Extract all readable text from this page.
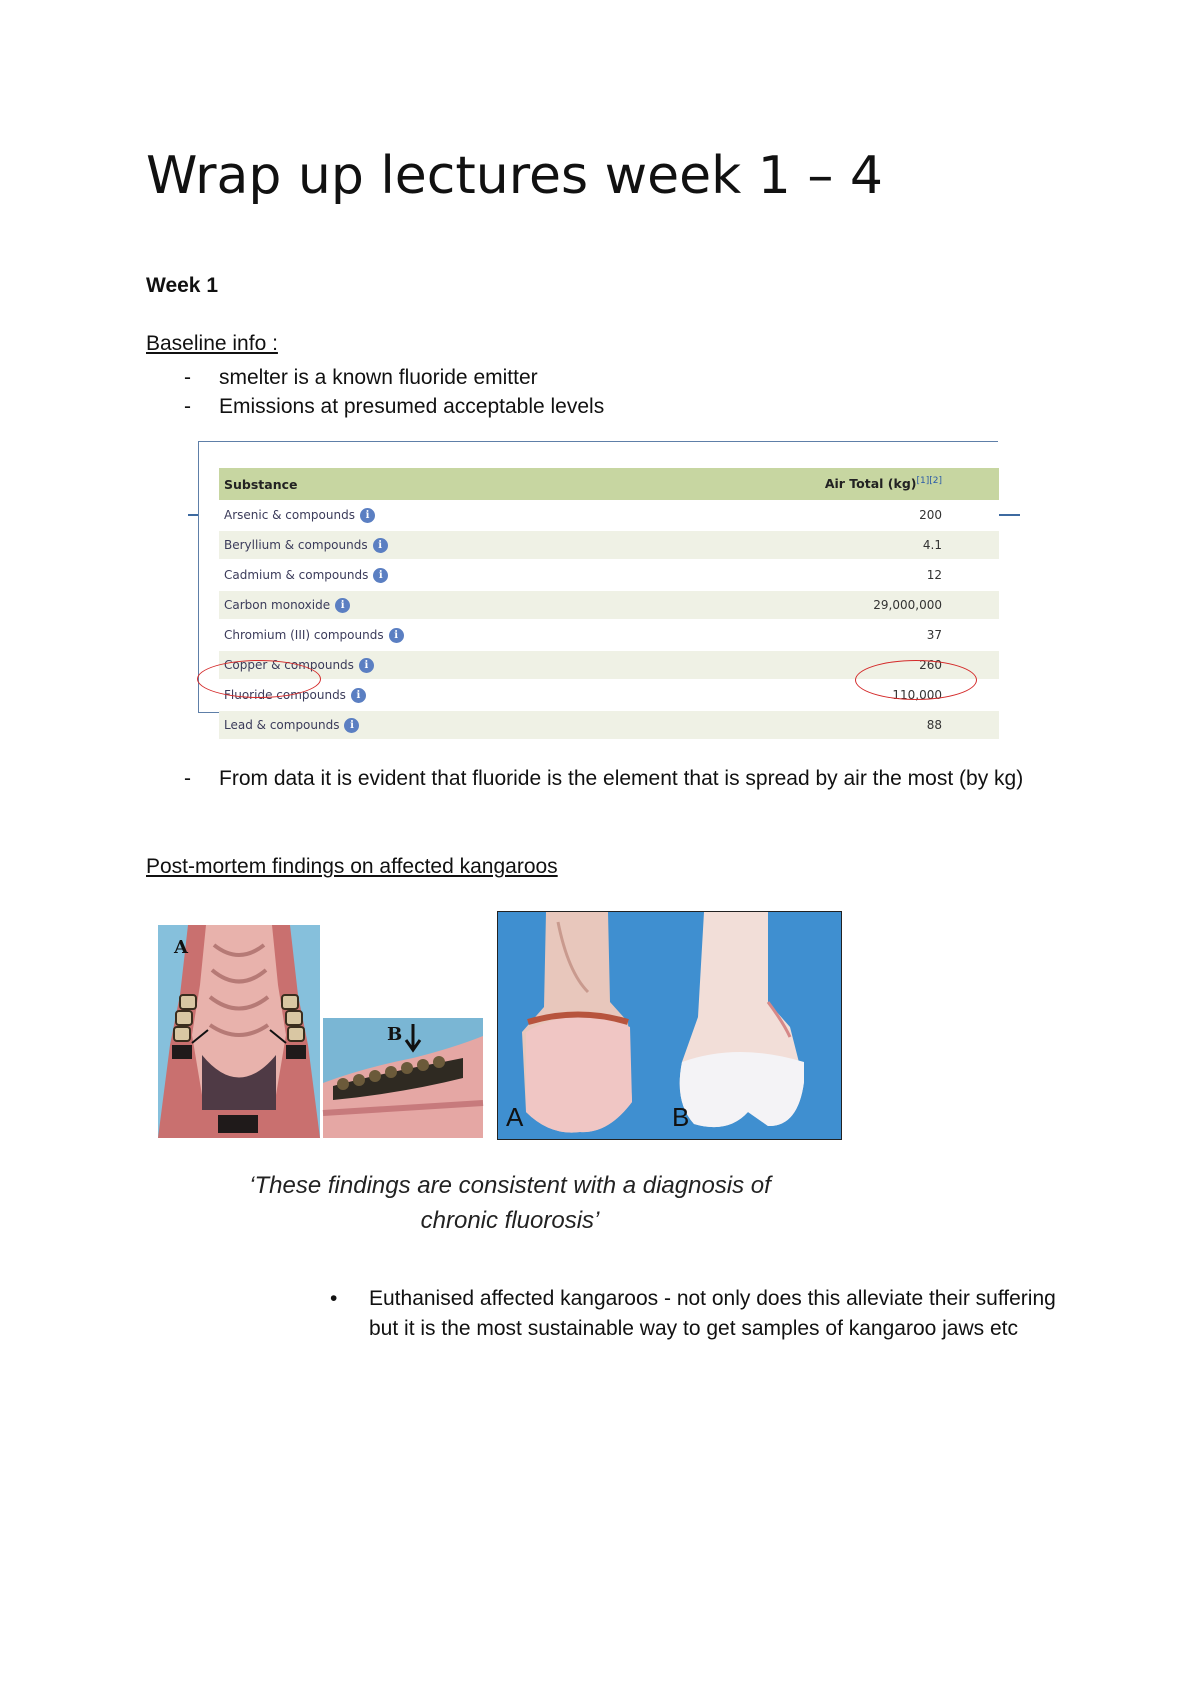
Wrap up lectures week 1 – 4

Week 1

Baseline info :

- smelter is a known fluoride emitter
- Emissions at presumed acceptable levels
Substance	Air Total (kg)[1][2]
Arsenic & compounds i	200
Beryllium & compounds i	4.1
Cadmium & compounds i	12
Carbon monoxide i	29,000,000
Chromium (III) compounds i	37
Copper & compounds i	260
Fluoride compounds i	110,000
Lead & compounds i	88
- From data it is evident that fluoride is the element that is spread by air the most (by kg)

Post-mortem findings on affected kangaroos

A
B
A	B

‘These findings are consistent with a diagnosis of chronic fluorosis’

• Euthanised affected kangaroos - not only does this alleviate their suffering but it is the most sustainable way to get samples of kangaroo jaws etc
